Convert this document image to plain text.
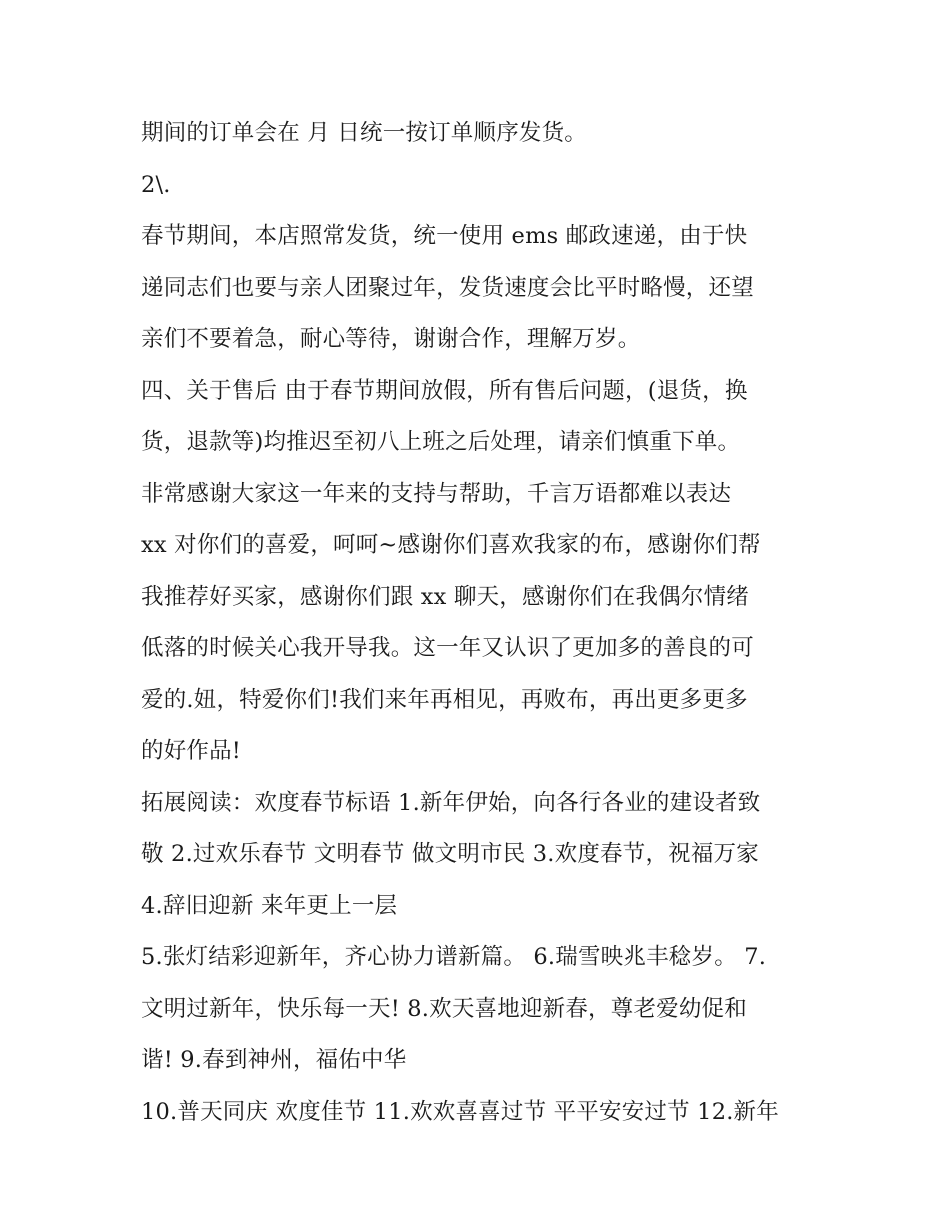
期间的订单会在 月 日统一按订单顺序发货。
2\.
春节期间，本店照常发货，统一使用 ems 邮政速递，由于快
递同志们也要与亲人团聚过年，发货速度会比平时略慢，还望
亲们不要着急，耐心等待，谢谢合作，理解万岁。
四、关于售后 由于春节期间放假，所有售后问题，(退货，换
货，退款等)均推迟至初八上班之后处理，请亲们慎重下单。
非常感谢大家这一年来的支持与帮助，千言万语都难以表达
xx 对你们的喜爱，呵呵~感谢你们喜欢我家的布，感谢你们帮
我推荐好买家，感谢你们跟 xx 聊天，感谢你们在我偶尔情绪
低落的时候关心我开导我。这一年又认识了更加多的善良的可
爱的.妞，特爱你们!我们来年再相见，再败布，再出更多更多
的好作品!
拓展阅读：欢度春节标语 1.新年伊始，向各行各业的建设者致
敬 2.过欢乐春节 文明春节 做文明市民 3.欢度春节，祝福万家
4.辞旧迎新 来年更上一层
5.张灯结彩迎新年，齐心协力谱新篇。 6.瑞雪映兆丰稔岁。 7.
文明过新年，快乐每一天! 8.欢天喜地迎新春，尊老爱幼促和
谐! 9.春到神州，福佑中华
10.普天同庆 欢度佳节 11.欢欢喜喜过节 平平安安过节 12.新年
